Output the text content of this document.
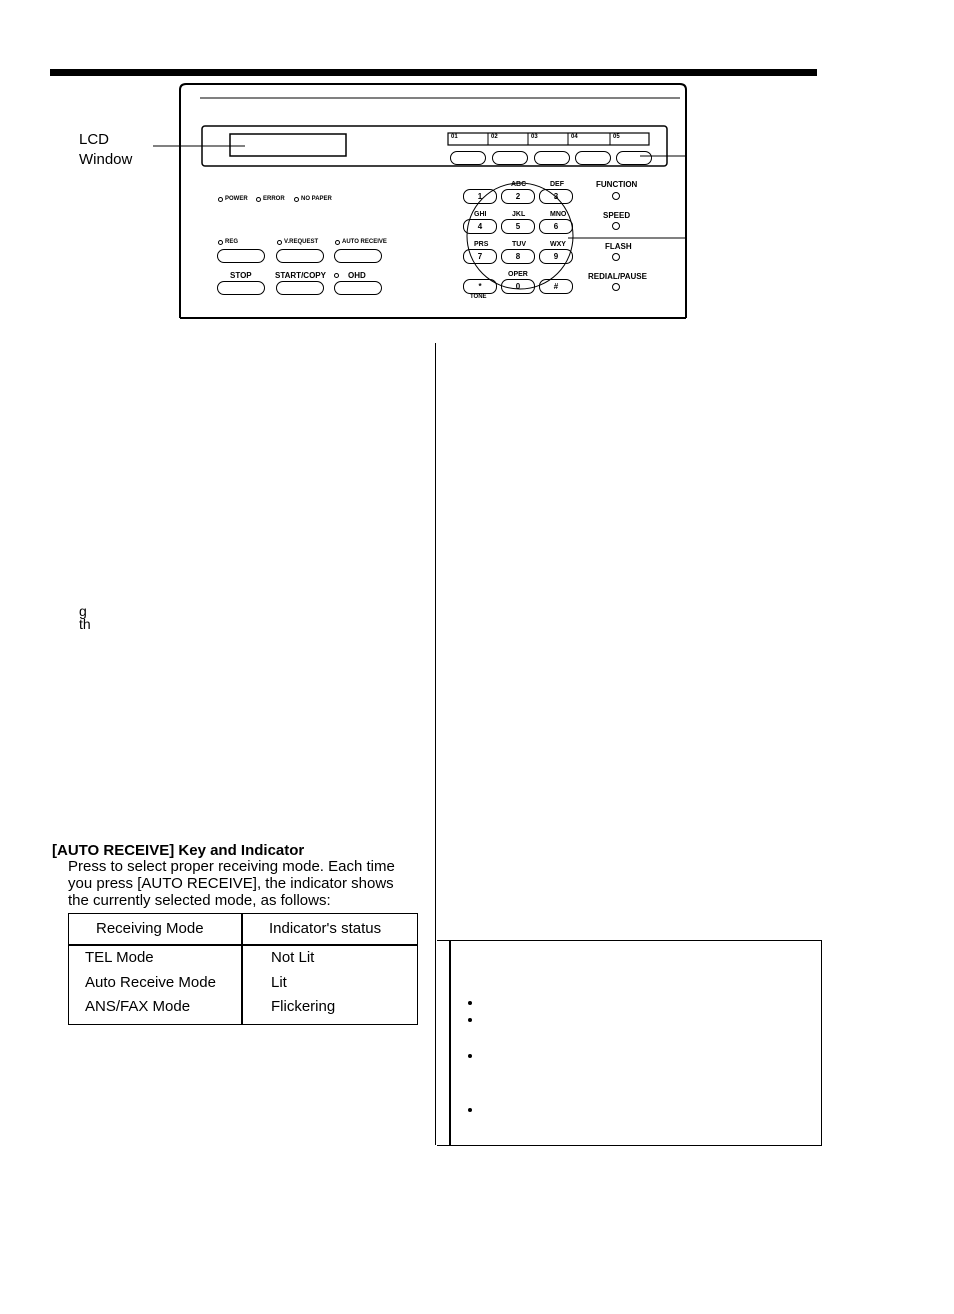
LCD
Window
01	02	03	04	05
POWER	ERROR	NO PAPER
REG	V.REQUEST	AUTO RECEIVE
STOP	START/COPY	OHD
ABC	DEF
GHI	JKL	MNO
PRS	TUV	WXY
OPER
TONE
1	2	3
4	5	6
7	8	9
*	0	#
FUNCTION
SPEED
FLASH
REDIAL/PAUSE
g
th
[AUTO RECEIVE] Key and Indicator
Press to select proper receiving mode. Each time
you press [AUTO RECEIVE], the indicator shows
the currently selected mode, as follows:
Receiving Mode	Indicator's status
TEL Mode	Not Lit
Auto Receive Mode	Lit
ANS/FAX Mode	Flickering
